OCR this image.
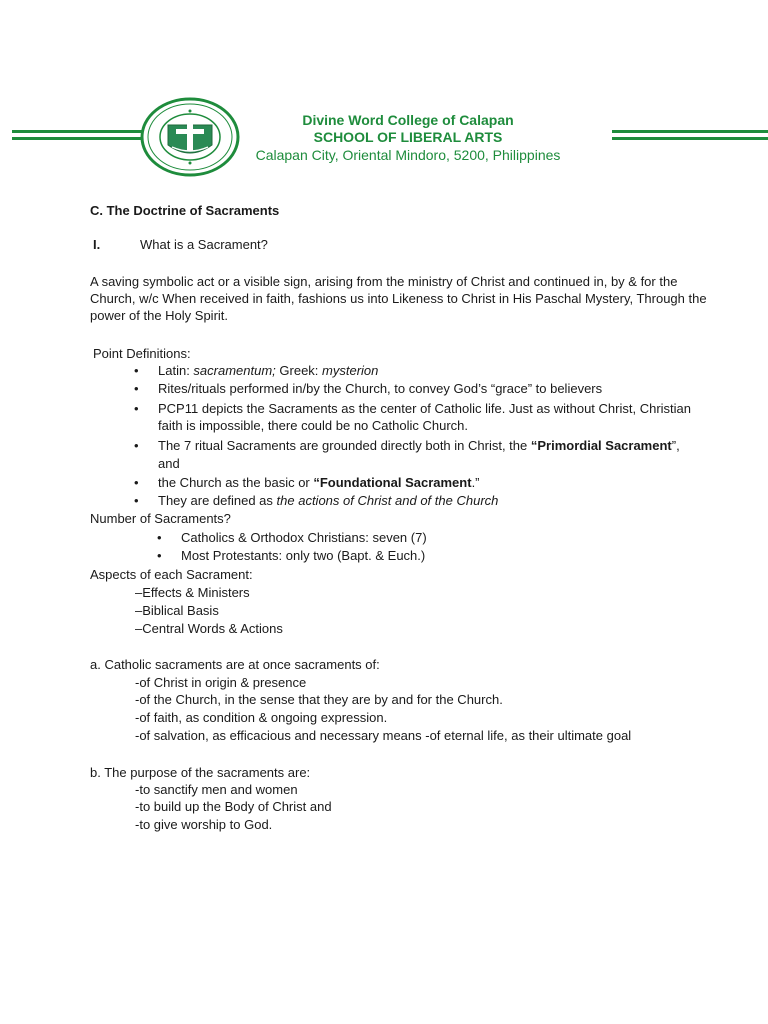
Divine Word College of Calapan
SCHOOL OF LIBERAL ARTS
Calapan City, Oriental Mindoro, 5200, Philippines
C. The Doctrine of Sacraments
I.	What is a Sacrament?
A saving symbolic act or a visible sign, arising from the ministry of Christ and continued in, by & for the
Church, w/c When received in faith, fashions us into Likeness to Christ in His Paschal Mystery, Through the
power of the Holy Spirit.
Point Definitions:
• Latin: sacramentum; Greek: mysterion
• Rites/rituals performed in/by the Church, to convey God’s “grace” to believers
• PCP11 depicts the Sacraments as the center of Catholic life. Just as without Christ, Christian
faith is impossible, there could be no Catholic Church.
• The 7 ritual Sacraments are grounded directly both in Christ, the “Primordial Sacrament”,
and
• the Church as the basic or “Foundational Sacrament.”
• They are defined as the actions of Christ and of the Church
Number of Sacraments?
• Catholics & Orthodox Christians: seven (7)
• Most Protestants: only two (Bapt. & Euch.)
Aspects of each Sacrament:
–Effects & Ministers
–Biblical Basis
–Central Words & Actions
a. Catholic sacraments are at once sacraments of:
-of Christ in origin & presence
-of the Church, in the sense that they are by and for the Church.
-of faith, as condition & ongoing expression.
-of salvation, as efficacious and necessary means -of eternal life, as their ultimate goal
b. The purpose of the sacraments are:
-to sanctify men and women
-to build up the Body of Christ and
-to give worship to God.
